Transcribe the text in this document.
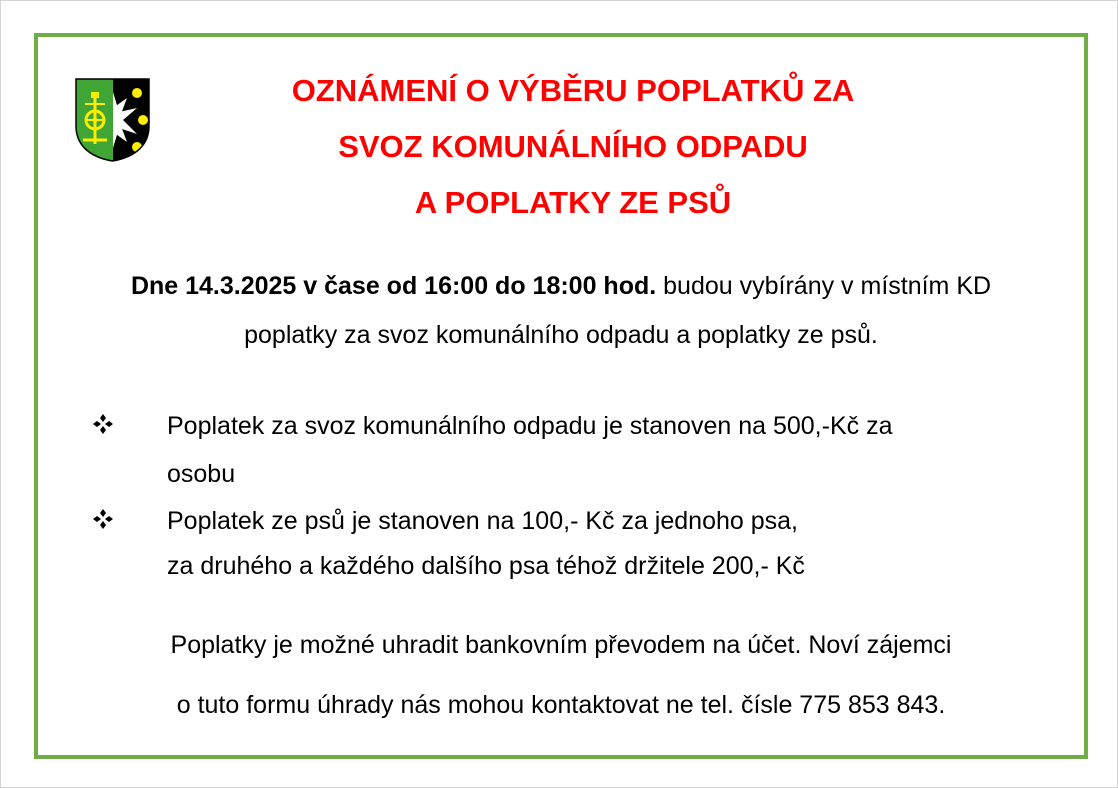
OZNÁMENÍ O VÝBĚRU POPLATKŮ ZA

SVOZ KOMUNÁLNÍHO ODPADU

A POPLATKY ZE PSŮ

Dne 14.3.2025 v čase od 16:00 do 18:00 hod. budou vybírány v místním KD

poplatky za svoz komunálního odpadu a poplatky ze psů.

Poplatek za svoz komunálního odpadu je stanoven na 500,-Kč za

osobu

Poplatek ze psů je stanoven na 100,- Kč za jednoho psa,

za druhého a každého dalšího psa téhož držitele 200,- Kč

Poplatky je možné uhradit bankovním převodem na účet. Noví zájemci

o tuto formu úhrady nás mohou kontaktovat ne tel. čísle 775 853 843.
